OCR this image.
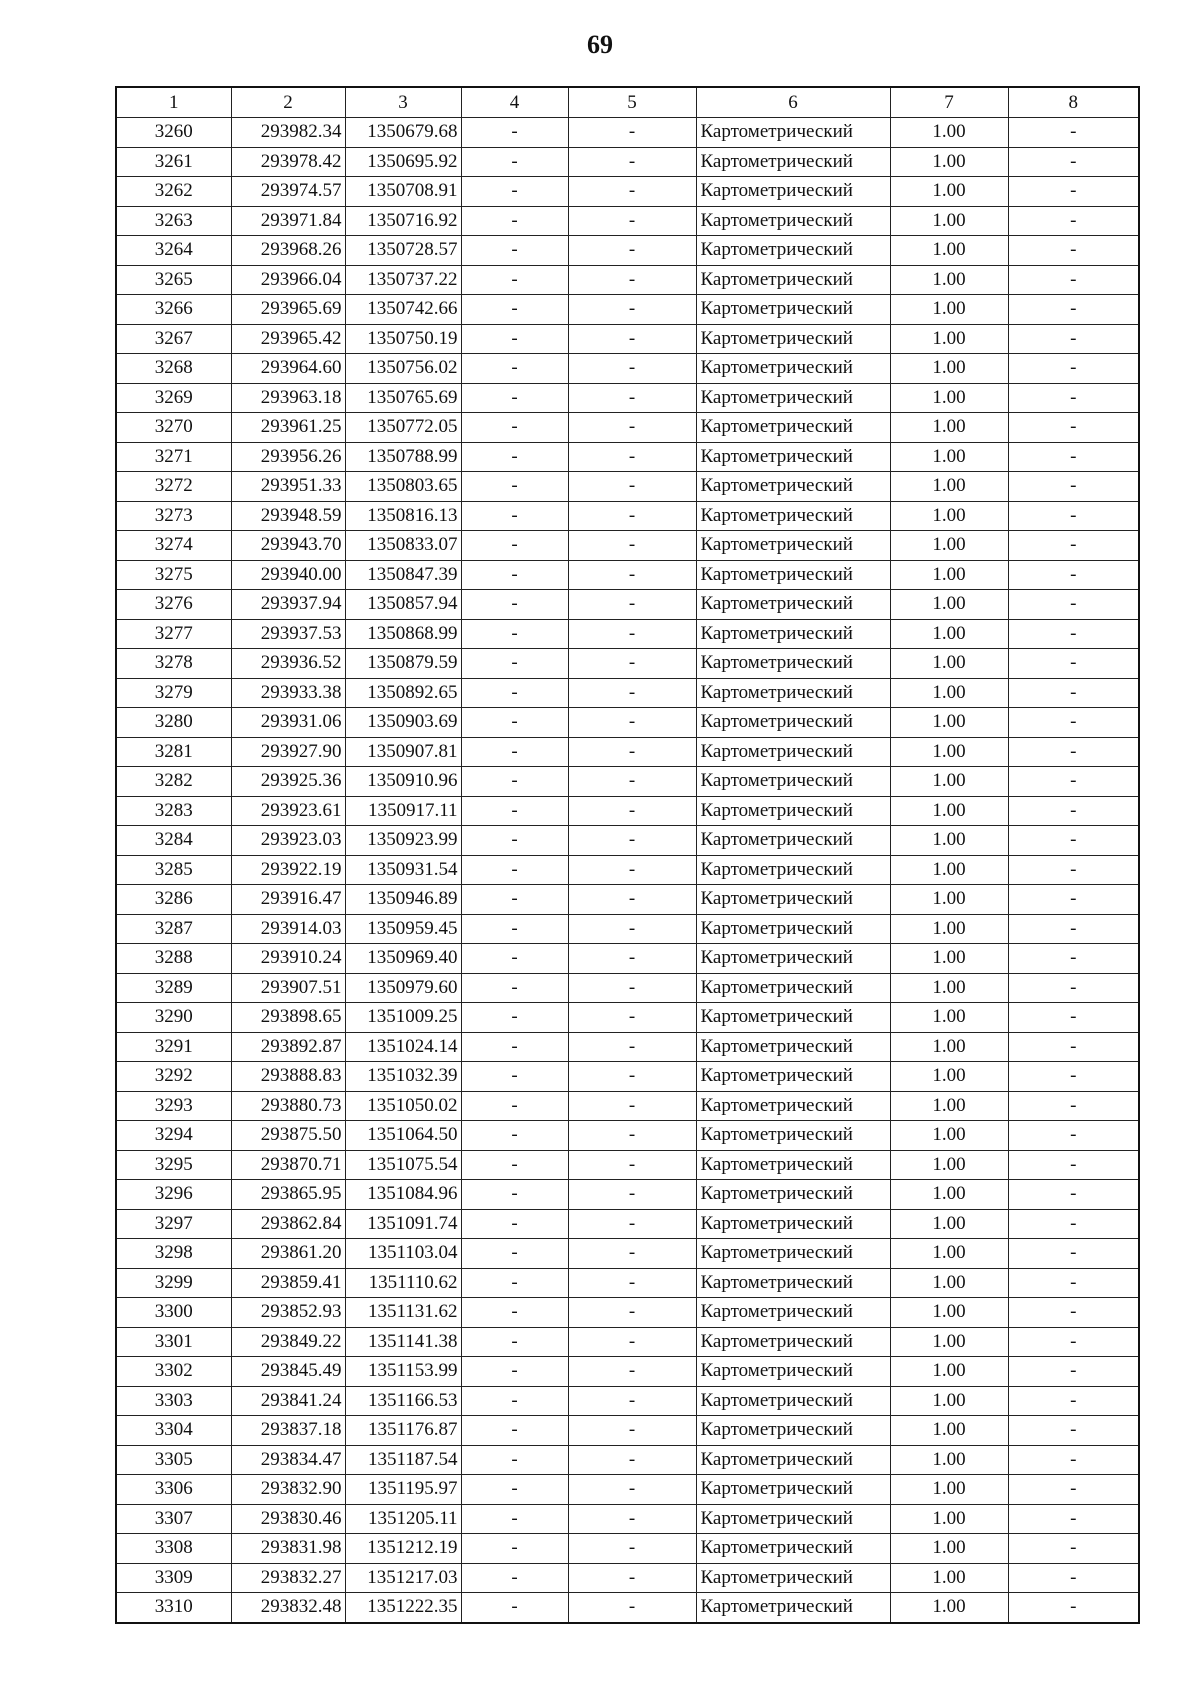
69
1	2	3	4	5	6	7	8
3260	293982.34	1350679.68	-	-	Картометрический	1.00	-
3261	293978.42	1350695.92	-	-	Картометрический	1.00	-
3262	293974.57	1350708.91	-	-	Картометрический	1.00	-
3263	293971.84	1350716.92	-	-	Картометрический	1.00	-
3264	293968.26	1350728.57	-	-	Картометрический	1.00	-
3265	293966.04	1350737.22	-	-	Картометрический	1.00	-
3266	293965.69	1350742.66	-	-	Картометрический	1.00	-
3267	293965.42	1350750.19	-	-	Картометрический	1.00	-
3268	293964.60	1350756.02	-	-	Картометрический	1.00	-
3269	293963.18	1350765.69	-	-	Картометрический	1.00	-
3270	293961.25	1350772.05	-	-	Картометрический	1.00	-
3271	293956.26	1350788.99	-	-	Картометрический	1.00	-
3272	293951.33	1350803.65	-	-	Картометрический	1.00	-
3273	293948.59	1350816.13	-	-	Картометрический	1.00	-
3274	293943.70	1350833.07	-	-	Картометрический	1.00	-
3275	293940.00	1350847.39	-	-	Картометрический	1.00	-
3276	293937.94	1350857.94	-	-	Картометрический	1.00	-
3277	293937.53	1350868.99	-	-	Картометрический	1.00	-
3278	293936.52	1350879.59	-	-	Картометрический	1.00	-
3279	293933.38	1350892.65	-	-	Картометрический	1.00	-
3280	293931.06	1350903.69	-	-	Картометрический	1.00	-
3281	293927.90	1350907.81	-	-	Картометрический	1.00	-
3282	293925.36	1350910.96	-	-	Картометрический	1.00	-
3283	293923.61	1350917.11	-	-	Картометрический	1.00	-
3284	293923.03	1350923.99	-	-	Картометрический	1.00	-
3285	293922.19	1350931.54	-	-	Картометрический	1.00	-
3286	293916.47	1350946.89	-	-	Картометрический	1.00	-
3287	293914.03	1350959.45	-	-	Картометрический	1.00	-
3288	293910.24	1350969.40	-	-	Картометрический	1.00	-
3289	293907.51	1350979.60	-	-	Картометрический	1.00	-
3290	293898.65	1351009.25	-	-	Картометрический	1.00	-
3291	293892.87	1351024.14	-	-	Картометрический	1.00	-
3292	293888.83	1351032.39	-	-	Картометрический	1.00	-
3293	293880.73	1351050.02	-	-	Картометрический	1.00	-
3294	293875.50	1351064.50	-	-	Картометрический	1.00	-
3295	293870.71	1351075.54	-	-	Картометрический	1.00	-
3296	293865.95	1351084.96	-	-	Картометрический	1.00	-
3297	293862.84	1351091.74	-	-	Картометрический	1.00	-
3298	293861.20	1351103.04	-	-	Картометрический	1.00	-
3299	293859.41	1351110.62	-	-	Картометрический	1.00	-
3300	293852.93	1351131.62	-	-	Картометрический	1.00	-
3301	293849.22	1351141.38	-	-	Картометрический	1.00	-
3302	293845.49	1351153.99	-	-	Картометрический	1.00	-
3303	293841.24	1351166.53	-	-	Картометрический	1.00	-
3304	293837.18	1351176.87	-	-	Картометрический	1.00	-
3305	293834.47	1351187.54	-	-	Картометрический	1.00	-
3306	293832.90	1351195.97	-	-	Картометрический	1.00	-
3307	293830.46	1351205.11	-	-	Картометрический	1.00	-
3308	293831.98	1351212.19	-	-	Картометрический	1.00	-
3309	293832.27	1351217.03	-	-	Картометрический	1.00	-
3310	293832.48	1351222.35	-	-	Картометрический	1.00	-
